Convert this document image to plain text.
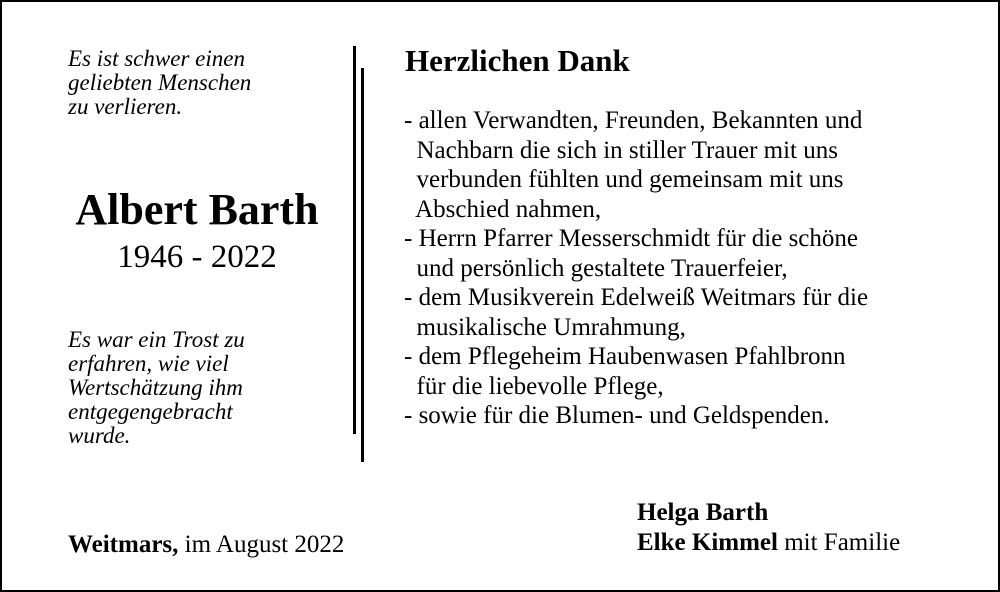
Es ist schwer einen
geliebten Menschen
zu verlieren.
Albert Barth
1946 - 2022
Es war ein Trost zu
erfahren, wie viel
Wertschätzung ihm
entgegengebracht
wurde.
Herzlichen Dank
- allen Verwandten, Freunden, Bekannten und
Nachbarn die sich in stiller Trauer mit uns
verbunden fühlten und gemeinsam mit uns
Abschied nahmen,
- Herrn Pfarrer Messerschmidt für die schöne
und persönlich gestaltete Trauerfeier,
- dem Musikverein Edelweiß Weitmars für die
musikalische Umrahmung,
- dem Pflegeheim Haubenwasen Pfahlbronn
für die liebevolle Pflege,
- sowie für die Blumen- und Geldspenden.
Weitmars, im August 2022
Helga Barth
Elke Kimmel mit Familie
